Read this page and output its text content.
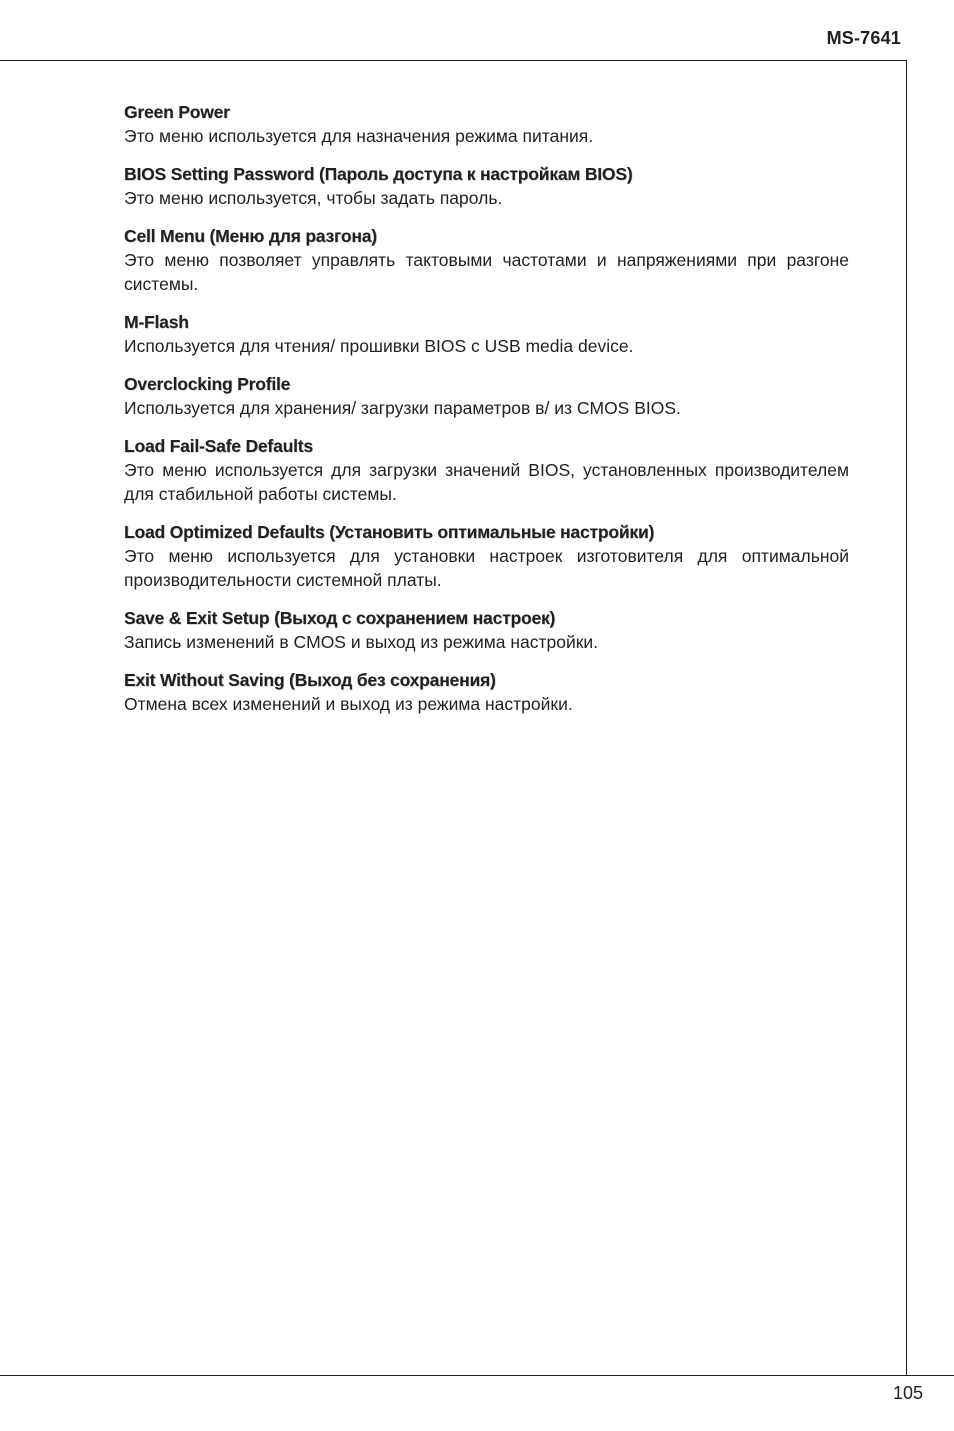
MS-7641
Green Power
Это меню используется для назначения режима питания.
BIOS Setting Password (Пароль доступа к настройкам BIOS)
Это меню используется, чтобы задать пароль.
Cell Menu (Меню для разгона)
Это меню позволяет управлять тактовыми частотами и напряжениями при разгоне системы.
M-Flash
Используется для чтения/ прошивки BIOS с USB media device.
Overclocking Profile
Используется для хранения/ загрузки параметров в/ из CMOS BIOS.
Load Fail-Safe Defaults
Это меню используется для загрузки значений BIOS, установленных производителем для стабильной работы системы.
Load Optimized Defaults (Установить оптимальные настройки)
Это меню используется для установки настроек изготовителя для оптимальной производительности системной платы.
Save & Exit Setup (Выход с сохранением настроек)
Запись изменений в CMOS и выход из режима настройки.
Exit Without Saving (Выход без сохранения)
Отмена всех изменений и выход из режима настройки.
105
